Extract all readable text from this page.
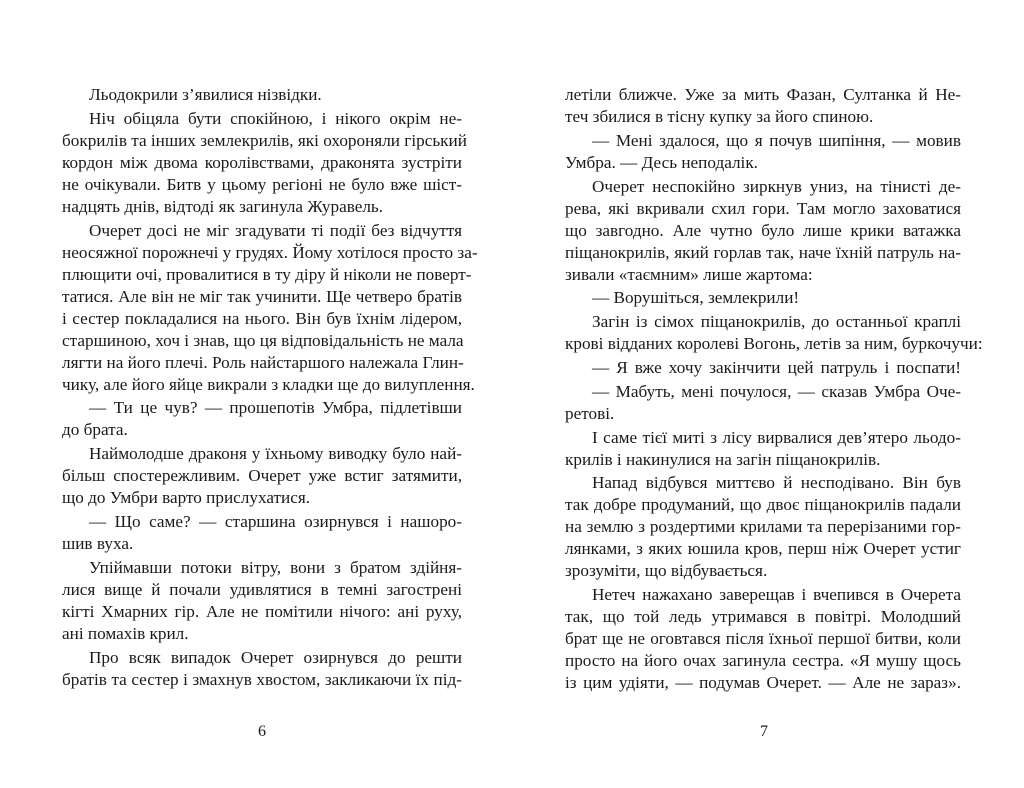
Льодокрили з’явилися нізвідки.
Ніч обіцяла бути спокійною, і нікого окрім не-
бокрилів та інших землекрилів, які охороняли гірський
кордон між двома королівствами, драконята зустріти
не очікували. Битв у цьому регіоні не було вже шіст-
надцять днів, відтоді як загинула Журавель.
Очерет досі не міг згадувати ті події без відчуття
неосяжної порожнечі у грудях. Йому хотілося просто за-
плющити очі, провалитися в ту діру й ніколи не поверт-
татися. Але він не міг так учинити. Ще четверо братів
і сестер покладалися на нього. Він був їхнім лідером,
старшиною, хоч і знав, що ця відповідальність не мала
лягти на його плечі. Роль найстаршого належала Глин-
чику, але його яйце викрали з кладки ще до вилуплення.
— Ти це чув? — прошепотів Умбра, підлетівши
до брата.
Наймолодше драконя у їхньому виводку було най-
більш спостережливим. Очерет уже встиг затямити,
що до Умбри варто прислухатися.
— Що саме? — старшина озирнувся і нашоро-
шив вуха.
Упіймавши потоки вітру, вони з братом здійня-
лися вище й почали удивлятися в темні загострені
кігті Хмарних гір. Але не помітили нічого: ані руху,
ані помахів крил.
Про всяк випадок Очерет озирнувся до решти
братів та сестер і змахнув хвостом, закликаючи їх під-
летіли ближче. Уже за мить Фазан, Султанка й Не-
теч збилися в тісну купку за його спиною.
— Мені здалося, що я почув шипіння, — мовив
Умбра. — Десь неподалік.
Очерет неспокійно зиркнув униз, на тінисті де-
рева, які вкривали схил гори. Там могло заховатися
що завгодно. Але чутно було лише крики ватажка
піщанокрилів, який горлав так, наче їхній патруль на-
зивали «таємним» лише жартома:
— Ворушіться, землекрили!
Загін із сімох піщанокрилів, до останньої краплі
крові відданих королеві Вогонь, летів за ним, буркочучи:
— Я вже хочу закінчити цей патруль і поспати!
— Мабуть, мені почулося, — сказав Умбра Оче-
ретові.
І саме тієї миті з лісу вирвалися дев’ятеро льодо-
крилів і накинулися на загін піщанокрилів.
Напад відбувся миттєво й несподівано. Він був
так добре продуманий, що двоє піщанокрилів падали
на землю з роздертими крилами та перерізаними гор-
лянками, з яких юшила кров, перш ніж Очерет устиг
зрозуміти, що відбувається.
Нетеч нажахано заверещав і вчепився в Очерета
так, що той ледь утримався в повітрі. Молодший
брат ще не оговтався після їхньої першої битви, коли
просто на його очах загинула сестра. «Я мушу щось
із цим удіяти, — подумав Очерет. — Але не зараз».
6	7
